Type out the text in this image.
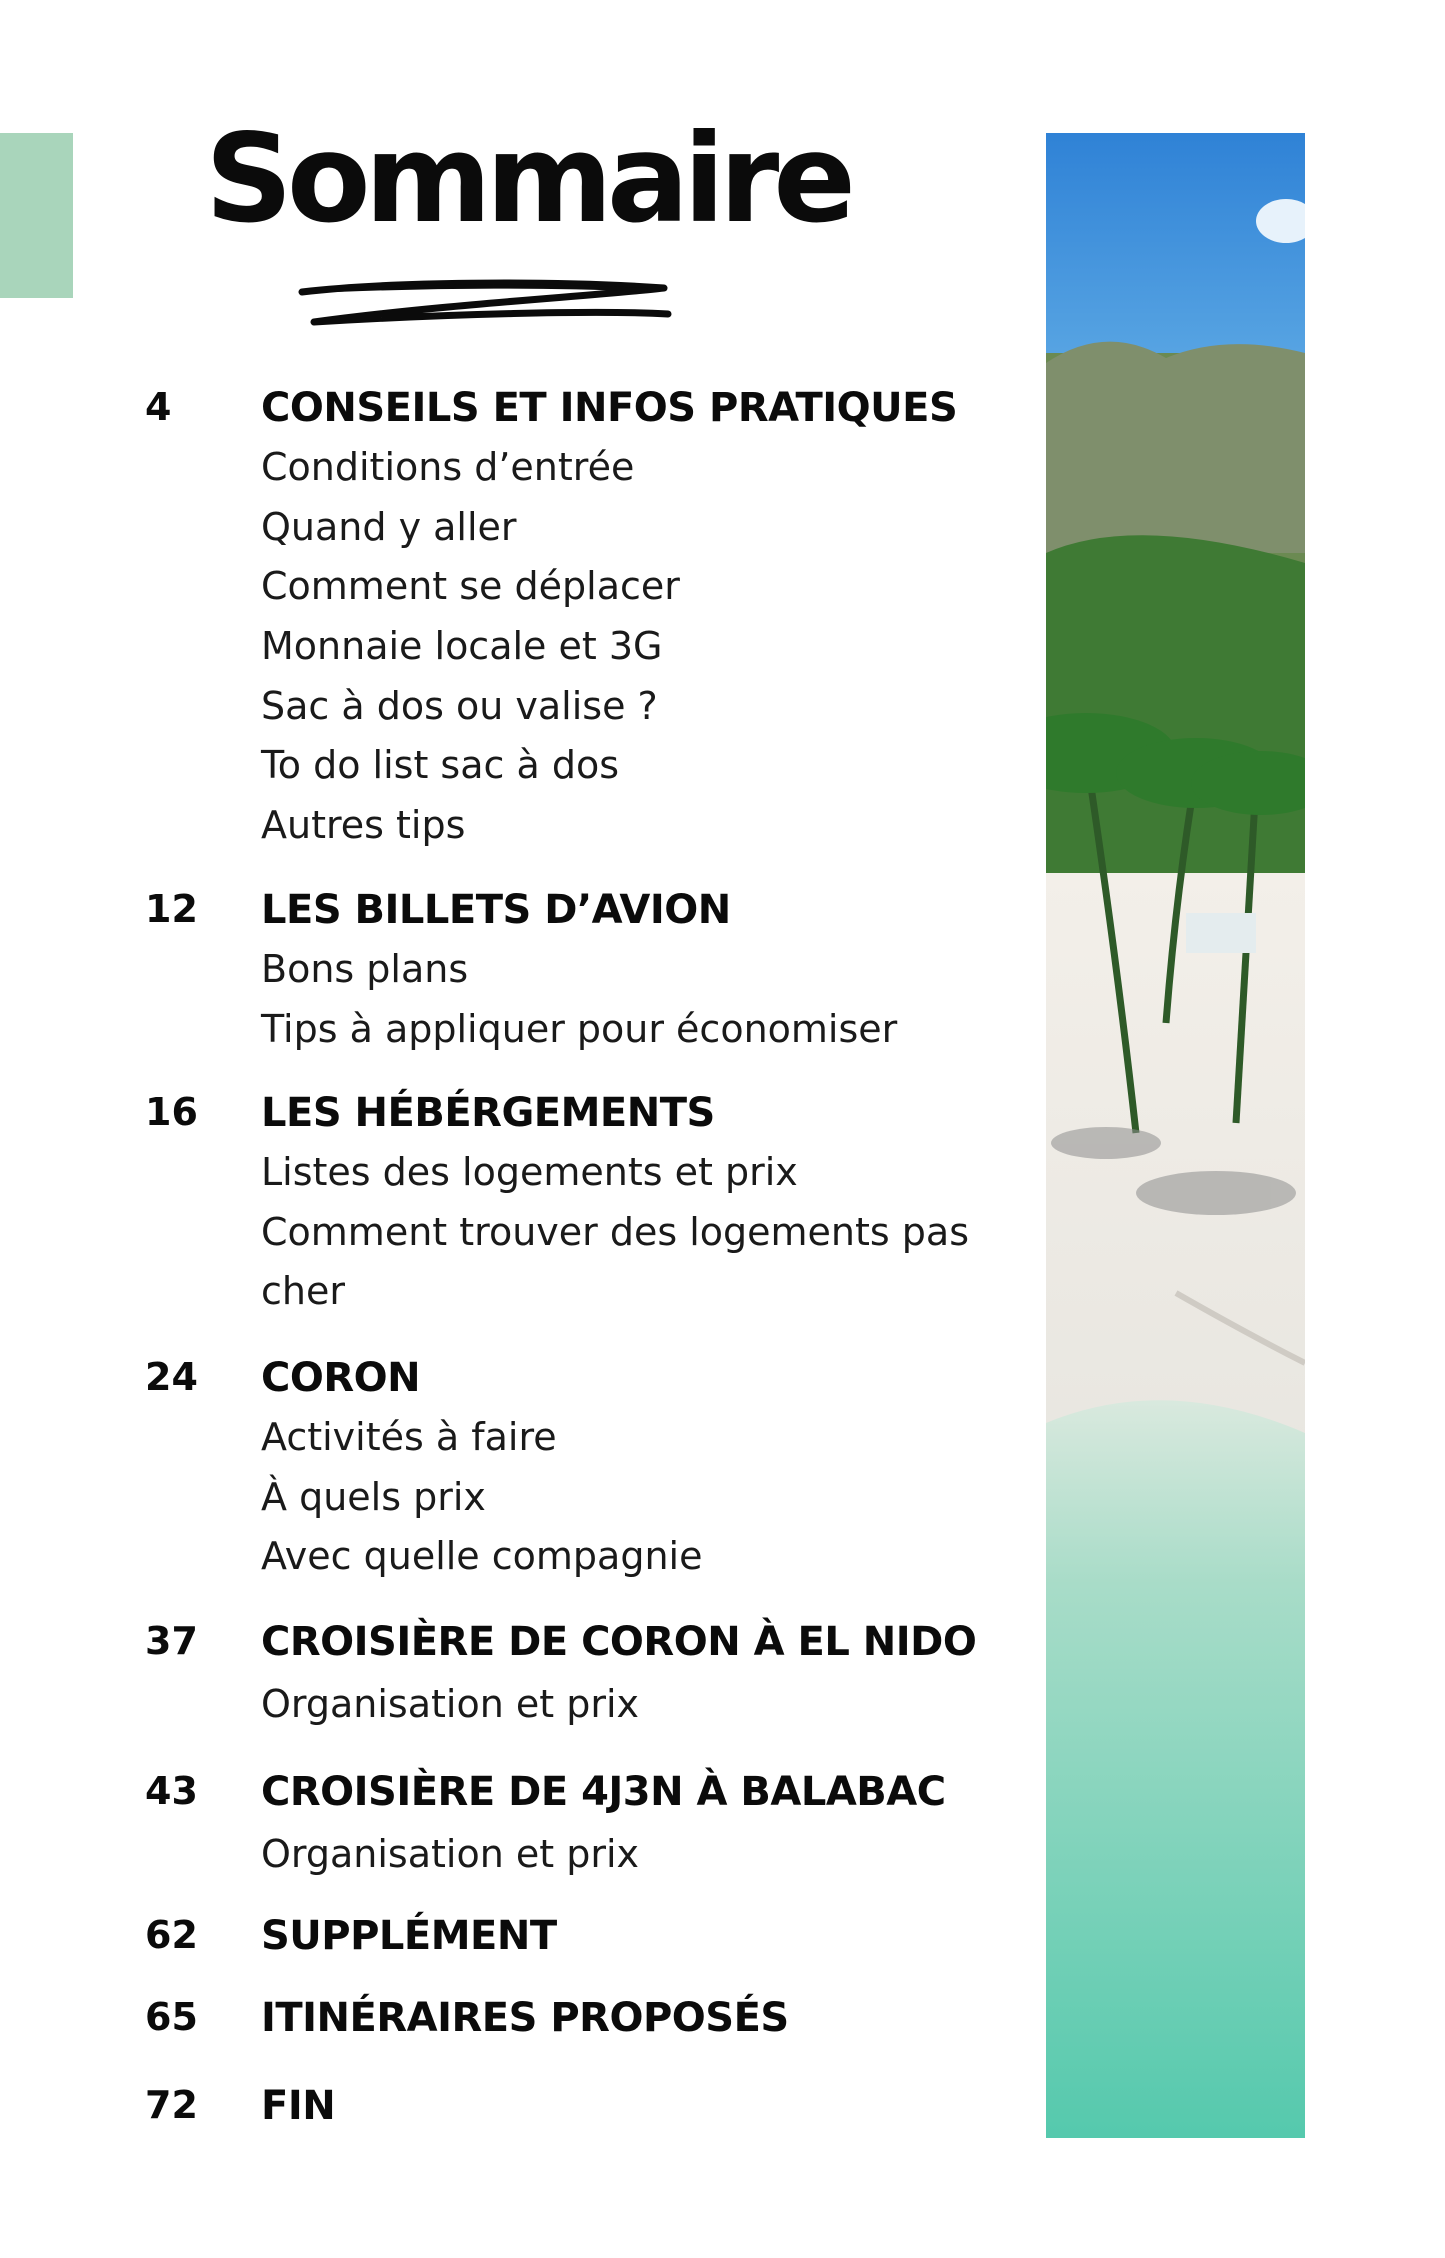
Sommaire
4 CONSEILS ET INFOS PRATIQUES
Conditions d’entrée
Quand y aller
Comment se déplacer
Monnaie locale et 3G
Sac à dos ou valise ?
To do list sac à dos
Autres tips
12 LES BILLETS D’AVION
Bons plans
Tips à appliquer pour économiser
16 LES HÉBÉRGEMENTS
Listes des logements et prix
Comment trouver des logements pas
cher
24 CORON
Activités à faire
À quels prix
Avec quelle compagnie
37 CROISIÈRE DE CORON À EL NIDO
Organisation et prix
43 CROISIÈRE DE 4J3N À BALABAC
Organisation et prix
62 SUPPLÉMENT
65 ITINÉRAIRES PROPOSÉS
72 FIN
